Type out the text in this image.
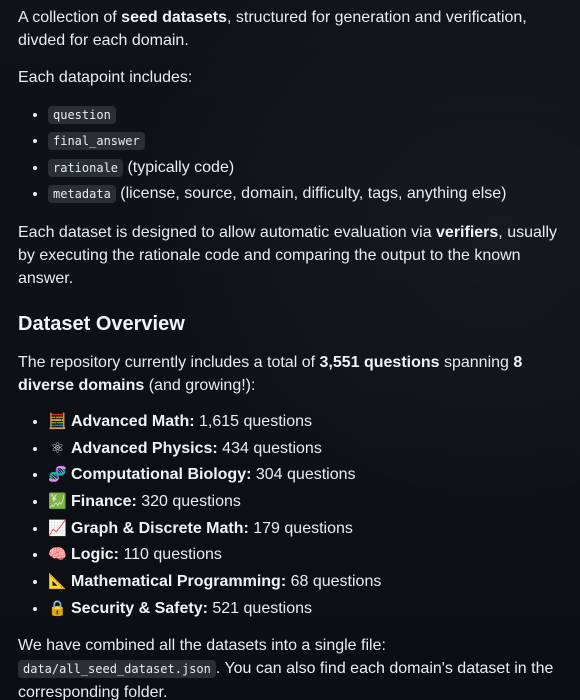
A collection of seed datasets, structured for generation and verification, divded for each domain.

Each datapoint includes:

• question
• final_answer
• rationale (typically code)
• metadata (license, source, domain, difficulty, tags, anything else)

Each dataset is designed to allow automatic evaluation via verifiers, usually by executing the rationale code and comparing the output to the known answer.

Dataset Overview

The repository currently includes a total of 3,551 questions spanning 8 diverse domains (and growing!):

• 🧮 Advanced Math: 1,615 questions
• ⚛ Advanced Physics: 434 questions
• 🧬 Computational Biology: 304 questions
• 💹 Finance: 320 questions
• 📈 Graph & Discrete Math: 179 questions
• 🧠 Logic: 110 questions
• 📐 Mathematical Programming: 68 questions
• 🔒 Security & Safety: 521 questions

We have combined all the datasets into a single file: data/all_seed_dataset.json . You can also find each domain's dataset in the corresponding folder.
